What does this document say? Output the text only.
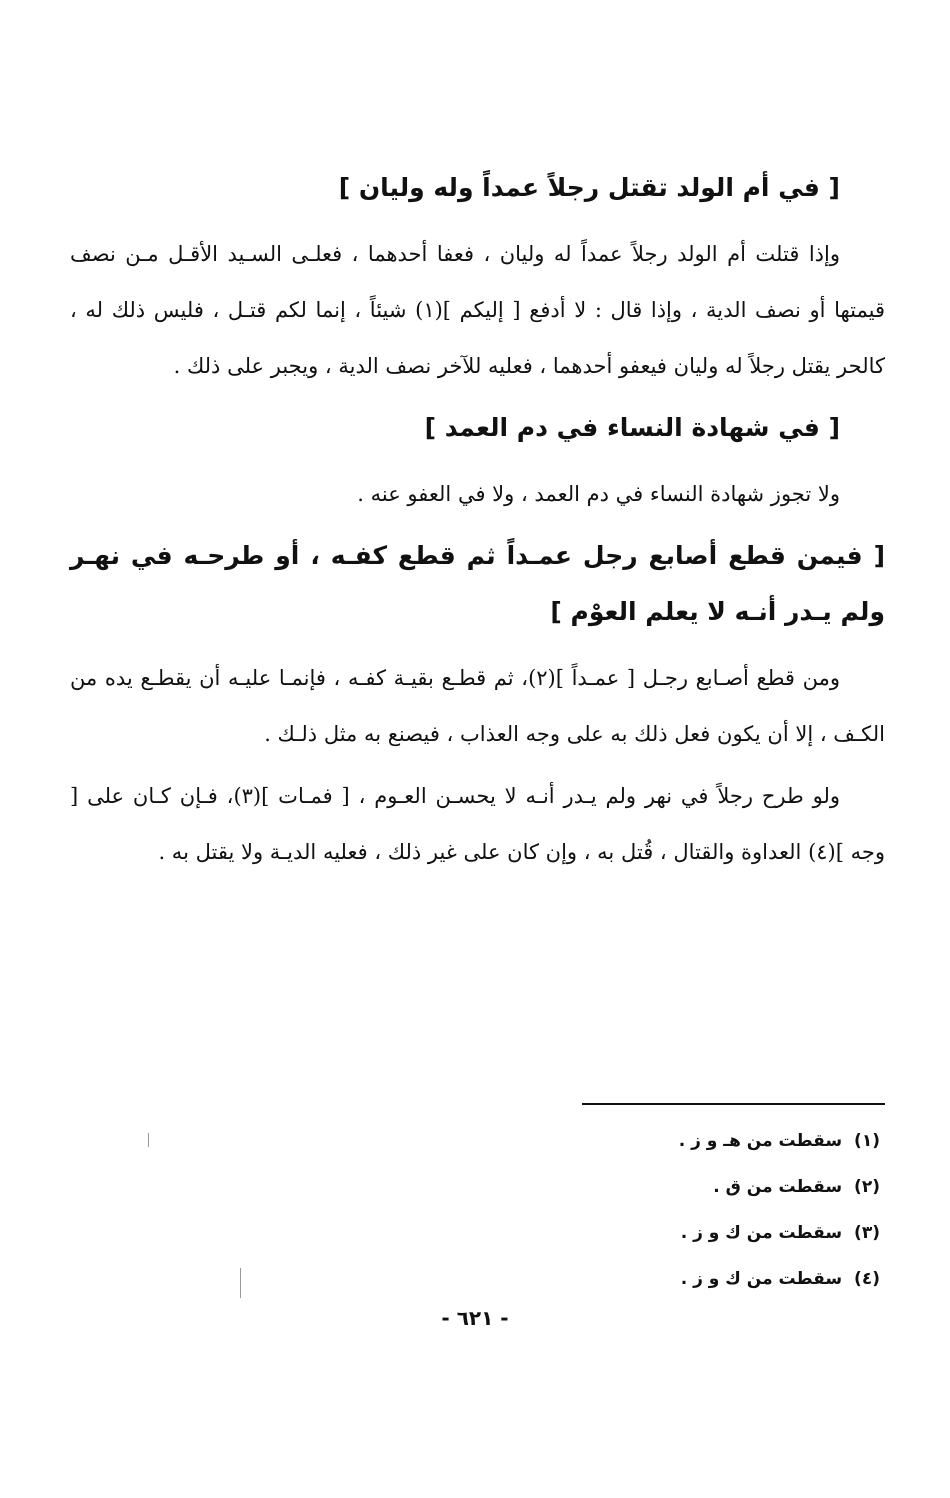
[ في أم الولد تقتل رجلاً عمداً وله وليان ]

وإذا قتلت أم الولد رجلاً عمداً له وليان ، فعفا أحدهما ، فعلـى السـيد الأقـل مـن نصف قيمتها أو نصف الدية ، وإذا قال : لا أدفع [ إليكم ](١) شيئاً ، إنما لكم قتـل ، فليس ذلك له ، كالحر يقتل رجلاً له وليان فيعفو أحدهما ، فعليه للآخر نصف الدية ، ويجبر على ذلك .

[ في شهادة النساء في دم العمد ]

ولا تجوز شهادة النساء في دم العمد ، ولا في العفو عنه .

[ فيمن قطع أصابع رجل عمـداً ثم قطع كفـه ، أو طرحـه في نهـر ولم يـدر أنـه لا يعلم العوْم ]

ومن قطع أصـابع رجـل [ عمـداً ](٢)، ثم قطـع بقيـة كفـه ، فإنمـا عليـه أن يقطـع يده من الكـف ، إلا أن يكون فعل ذلك به على وجه العذاب ، فيصنع به مثل ذلـك .

ولو طرح رجلاً في نهر ولم يـدر أنـه لا يحسـن العـوم ، [ فمـات ](٣)، فـإن كـان على [ وجه ](٤) العداوة والقتال ، قُتل به ، وإن كان على غير ذلك ، فعليه الديـة ولا يقتل به .

(١)سقطت من هـ و ز .
(٢)سقطت من ق .
(٣)سقطت من ك و ز .
(٤)سقطت من ك و ز .
- ٦٢١ -
